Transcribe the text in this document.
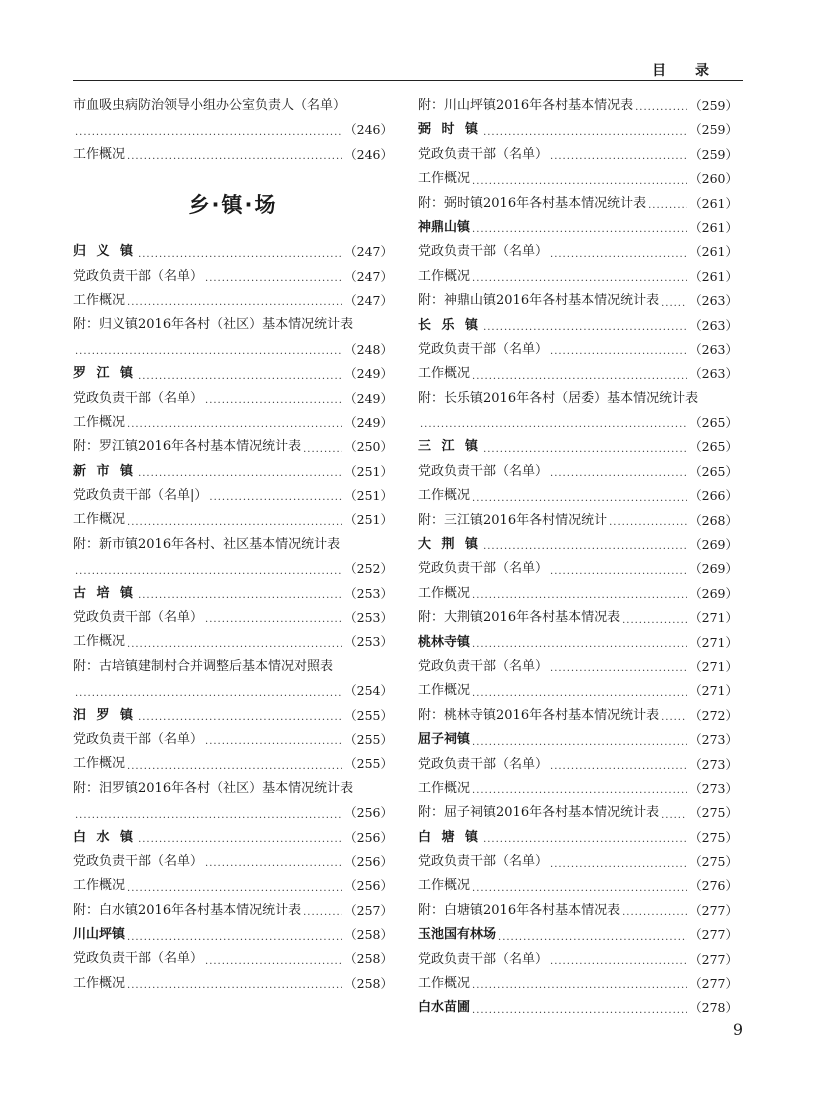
目 录
市血吸虫病防治领导小组办公室负责人（名单）
.....
（246）
工作概况 .....	（246）
乡·镇·场
归 义 镇 .....	（247）
党政负责干部（名单） .....	（247）
工作概况 .....	（247）
附：归义镇2016年各村（社区）基本情况统计表
.....
（248）
罗 江 镇 .....	（249）
党政负责干部（名单） .....	（249）
工作概况 .....	（249）
附：罗江镇2016年各村基本情况统计表 .....	（250）
新 市 镇 .....	（251）
党政负责干部（名单|） .....	（251）
工作概况 .....	（251）
附：新市镇2016年各村、社区基本情况统计表
.....
（252）
古 培 镇 .....	（253）
党政负责干部（名单） .....	（253）
工作概况 .....	（253）
附：古培镇建制村合并调整后基本情况对照表
.....
（254）
汨 罗 镇 .....	（255）
党政负责干部（名单） .....	（255）
工作概况 .....	（255）
附：汨罗镇2016年各村（社区）基本情况统计表
.....
（256）
白 水 镇 .....	（256）
党政负责干部（名单） .....	（256）
工作概况 .....	（256）
附：白水镇2016年各村基本情况统计表 .....	（257）
川山坪镇 .....	（258）
党政负责干部（名单） .....	（258）
工作概况 .....	（258）
附：川山坪镇2016年各村基本情况表 .....	（259）
弼 时 镇 .....	（259）
党政负责干部（名单） .....	（259）
工作概况 .....	（260）
附：弼时镇2016年各村基本情况统计表 .....	（261）
神鼎山镇 .....	（261）
党政负责干部（名单） .....	（261）
工作概况 .....	（261）
附：神鼎山镇2016年各村基本情况统计表 ..... （263）
长 乐 镇 .....	（263）
党政负责干部（名单） .....	（263）
工作概况 .....	（263）
附：长乐镇2016年各村（居委）基本情况统计表
.....
（265）
三 江 镇 .....	（265）
党政负责干部（名单） .....	（265）
工作概况 .....	（266）
附：三江镇2016年各村情况统计 .....	（268）
大 荆 镇 .....	（269）
党政负责干部（名单） .....	（269）
工作概况 .....	（269）
附：大荆镇2016年各村基本情况表 .....	（271）
桃林寺镇 .....	（271）
党政负责干部（名单） .....	（271）
工作概况 .....	（271）
附：桃林寺镇2016年各村基本情况统计表 ..... （272）
屈子祠镇 .....	（273）
党政负责干部（名单） .....	（273）
工作概况 .....	（273）
附：屈子祠镇2016年各村基本情况统计表 ..... （275）
白 塘 镇 .....	（275）
党政负责干部（名单） .....	（275）
工作概况 .....	（276）
附：白塘镇2016年各村基本情况表 .....	（277）
玉池国有林场 .....	（277）
党政负责干部（名单） .....	（277）
工作概况 .....	（277）
白水苗圃 .....	（278）
9
